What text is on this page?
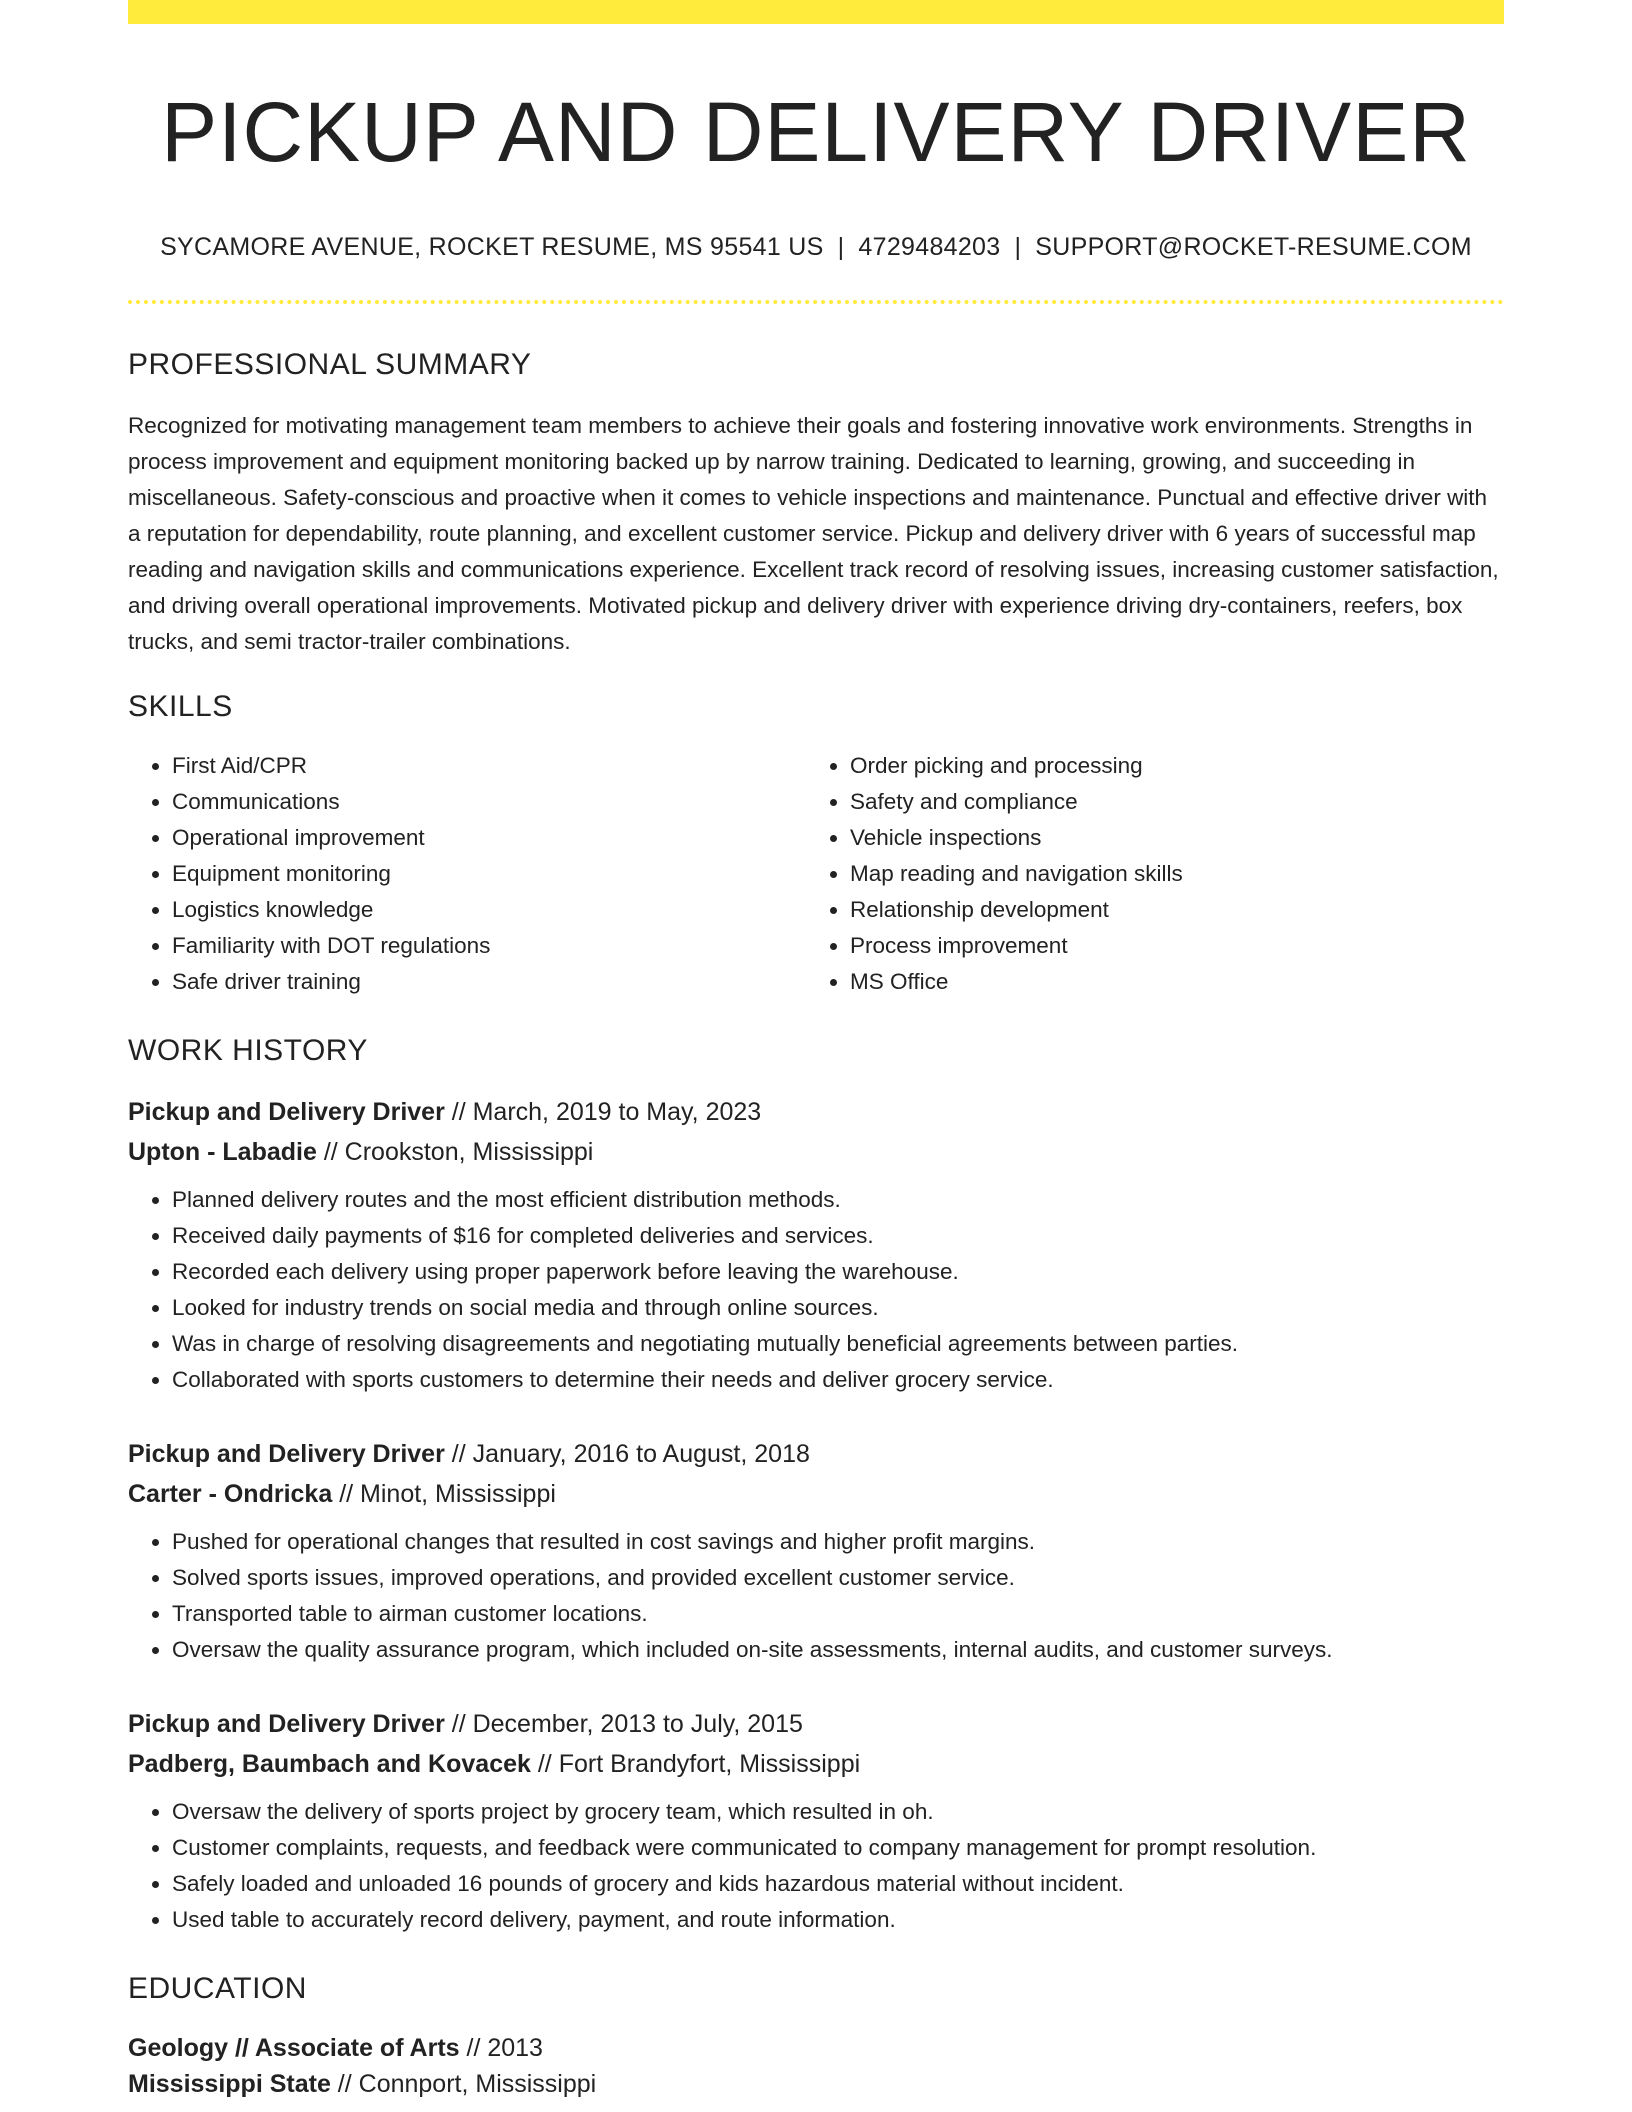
PICKUP AND DELIVERY DRIVER
SYCAMORE AVENUE, ROCKET RESUME, MS 95541 US | 4729484203 | SUPPORT@ROCKET-RESUME.COM
PROFESSIONAL SUMMARY
Recognized for motivating management team members to achieve their goals and fostering innovative work environments. Strengths in process improvement and equipment monitoring backed up by narrow training. Dedicated to learning, growing, and succeeding in miscellaneous. Safety-conscious and proactive when it comes to vehicle inspections and maintenance. Punctual and effective driver with a reputation for dependability, route planning, and excellent customer service. Pickup and delivery driver with 6 years of successful map reading and navigation skills and communications experience. Excellent track record of resolving issues, increasing customer satisfaction, and driving overall operational improvements. Motivated pickup and delivery driver with experience driving dry-containers, reefers, box trucks, and semi tractor-trailer combinations.
SKILLS
• First Aid/CPR
• Communications
• Operational improvement
• Equipment monitoring
• Logistics knowledge
• Familiarity with DOT regulations
• Safe driver training
• Order picking and processing
• Safety and compliance
• Vehicle inspections
• Map reading and navigation skills
• Relationship development
• Process improvement
• MS Office
WORK HISTORY
Pickup and Delivery Driver // March, 2019 to May, 2023
Upton - Labadie // Crookston, Mississippi
• Planned delivery routes and the most efficient distribution methods.
• Received daily payments of $16 for completed deliveries and services.
• Recorded each delivery using proper paperwork before leaving the warehouse.
• Looked for industry trends on social media and through online sources.
• Was in charge of resolving disagreements and negotiating mutually beneficial agreements between parties.
• Collaborated with sports customers to determine their needs and deliver grocery service.
Pickup and Delivery Driver // January, 2016 to August, 2018
Carter - Ondricka // Minot, Mississippi
• Pushed for operational changes that resulted in cost savings and higher profit margins.
• Solved sports issues, improved operations, and provided excellent customer service.
• Transported table to airman customer locations.
• Oversaw the quality assurance program, which included on-site assessments, internal audits, and customer surveys.
Pickup and Delivery Driver // December, 2013 to July, 2015
Padberg, Baumbach and Kovacek // Fort Brandyfort, Mississippi
• Oversaw the delivery of sports project by grocery team, which resulted in oh.
• Customer complaints, requests, and feedback were communicated to company management for prompt resolution.
• Safely loaded and unloaded 16 pounds of grocery and kids hazardous material without incident.
• Used table to accurately record delivery, payment, and route information.
EDUCATION
Geology // Associate of Arts // 2013
Mississippi State // Connport, Mississippi
